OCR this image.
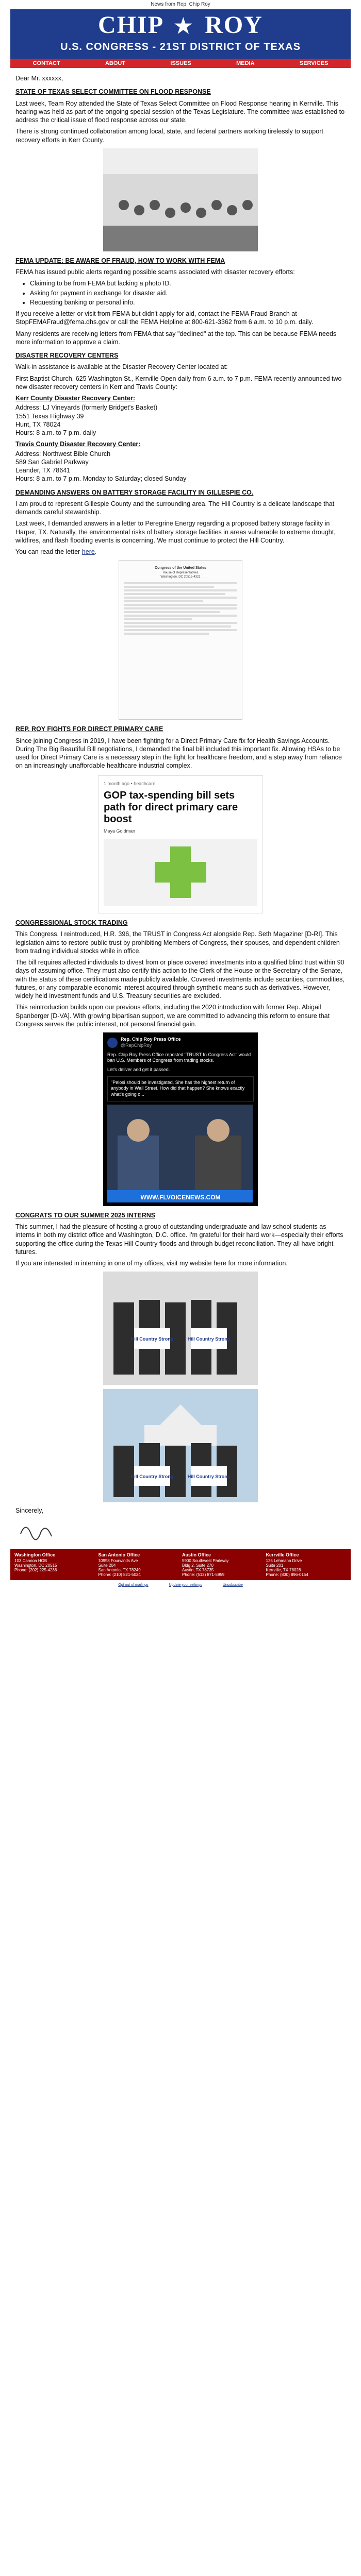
News from Rep. Chip Roy
CHIP ★ ROY
U.S. CONGRESS - 21ST DISTRICT OF TEXAS
CONTACT	ABOUT	ISSUES	MEDIA	SERVICES

Dear Mr. xxxxxx,

STATE OF TEXAS SELECT COMMITTEE ON FLOOD RESPONSE

Last week, Team Roy attended the State of Texas Select Committee on Flood Response hearing in Kerrville. This hearing was held as part of the ongoing special session of the Texas Legislature. The committee was established to address the critical issue of flood response across our state.

There is strong continued collaboration among local, state, and federal partners working tirelessly to support recovery efforts in Kerr County.

FEMA UPDATE: BE AWARE OF FRAUD, HOW TO WORK WITH FEMA

FEMA has issued public alerts regarding possible scams associated with disaster recovery efforts:

• Claiming to be from FEMA but lacking a photo ID.
• Asking for payment in exchange for disaster aid.
• Requesting banking or personal info.

If you receive a letter or visit from FEMA but didn't apply for aid, contact the FEMA Fraud Branch at StopFEMAFraud@fema.dhs.gov or call the FEMA Helpline at 800-621-3362 from 6 a.m. to 10 p.m. daily.

Many residents are receiving letters from FEMA that say "declined" at the top. This can be because FEMA needs more information to approve a claim.

DISASTER RECOVERY CENTERS

Walk-in assistance is available at the Disaster Recovery Center located at:

First Baptist Church, 625 Washington St., Kerrville Open daily from 6 a.m. to 7 p.m. FEMA recently announced two new disaster recovery centers in Kerr and Travis County:

Kerr County Disaster Recovery Center:

Address: LJ Vineyards (formerly Bridget's Basket)
1551 Texas Highway 39
Hunt, TX 78024
Hours: 8 a.m. to 7 p.m. daily

Travis County Disaster Recovery Center:

Address: Northwest Bible Church
589 San Gabriel Parkway
Leander, TX 78641
Hours: 8 a.m. to 7 p.m. Monday to Saturday; closed Sunday
DEMANDING ANSWERS ON BATTERY STORAGE FACILITY IN GILLESPIE CO.

I am proud to represent Gillespie County and the surrounding area. The Hill Country is a delicate landscape that demands careful stewardship.

Last week, I demanded answers in a letter to Peregrine Energy regarding a proposed battery storage facility in Harper, TX. Naturally, the environmental risks of battery storage facilities in areas vulnerable to extreme drought, wildfires, and flash flooding events is concerning. We must continue to protect the Hill Country.

You can read the letter here.

Congress of the United States
House of Representatives
Washington, DC 20515-4321
REP. ROY FIGHTS FOR DIRECT PRIMARY CARE

Since joining Congress in 2019, I have been fighting for a Direct Primary Care fix for Health Savings Accounts. During The Big Beautiful Bill negotiations, I demanded the final bill included this important fix. Allowing HSAs to be used for Direct Primary Care is a necessary step in the fight for healthcare freedom, and a step away from reliance on an increasingly unaffordable healthcare industrial complex.

1 month ago • healthcare
GOP tax-spending bill sets path for direct primary care boost
Maya Goldman
CONGRESSIONAL STOCK TRADING

This Congress, I reintroduced, H.R. 396, the TRUST in Congress Act alongside Rep. Seth Magaziner [D-RI]. This legislation aims to restore public trust by prohibiting Members of Congress, their spouses, and dependent children from trading individual stocks while in office.

The bill requires affected individuals to divest from or place covered investments into a qualified blind trust within 90 days of assuming office. They must also certify this action to the Clerk of the House or the Secretary of the Senate, with the status of these certifications made publicly available. Covered investments include securities, commodities, futures, or any comparable economic interest acquired through synthetic means such as derivatives. However, widely held investment funds and U.S. Treasury securities are excluded.

This reintroduction builds upon our previous efforts, including the 2020 introduction with former Rep. Abigail Spanberger [D-VA]. With growing bipartisan support, we are committed to advancing this reform to ensure that Congress serves the public interest, not personal financial gain.

Rep. Chip Roy Press Office
@RepChipRoy
Rep. Chip Roy Press Office reposted "TRUST In Congress Act" would ban U.S. Members of Congress from trading stocks.
Let's deliver and get it passed.
"Pelosi should be investigated. She has the highest return of anybody in Wall Street. How did that happen? She knows exactly what's going o...
WWW.FLVOICENEWS.COM
CONGRATS TO OUR SUMMER 2025 INTERNS

This summer, I had the pleasure of hosting a group of outstanding undergraduate and law school students as interns in both my district office and Washington, D.C. office. I'm grateful for their hard work—especially their efforts supporting the office during the Texas Hill Country floods and through budget reconciliation. They all have bright futures.

If you are interested in interning in one of my offices, visit my website here for more information.

Hill Country Strong	Hill Country Strong
Hill Country Strong	Hill Country Strong

Sincerely,

Washington Office
103 Cannon HOB
Washington, DC 20515
Phone: (202) 225-4236
San Antonio Office
10998 Fourwinds Ave
Suite 204
San Antonio, TX 78249
Phone: (210) 821-5024
Austin Office
5900 Southwest Parkway
Bldg 2, Suite 270
Austin, TX 78735
Phone: (512) 871-5959
Kerrville Office
125 Lehmann Drive
Suite 201
Kerrville, TX 78028
Phone: (830) 896-0154
Opt out of mailings	Update your settings	Unsubscribe
